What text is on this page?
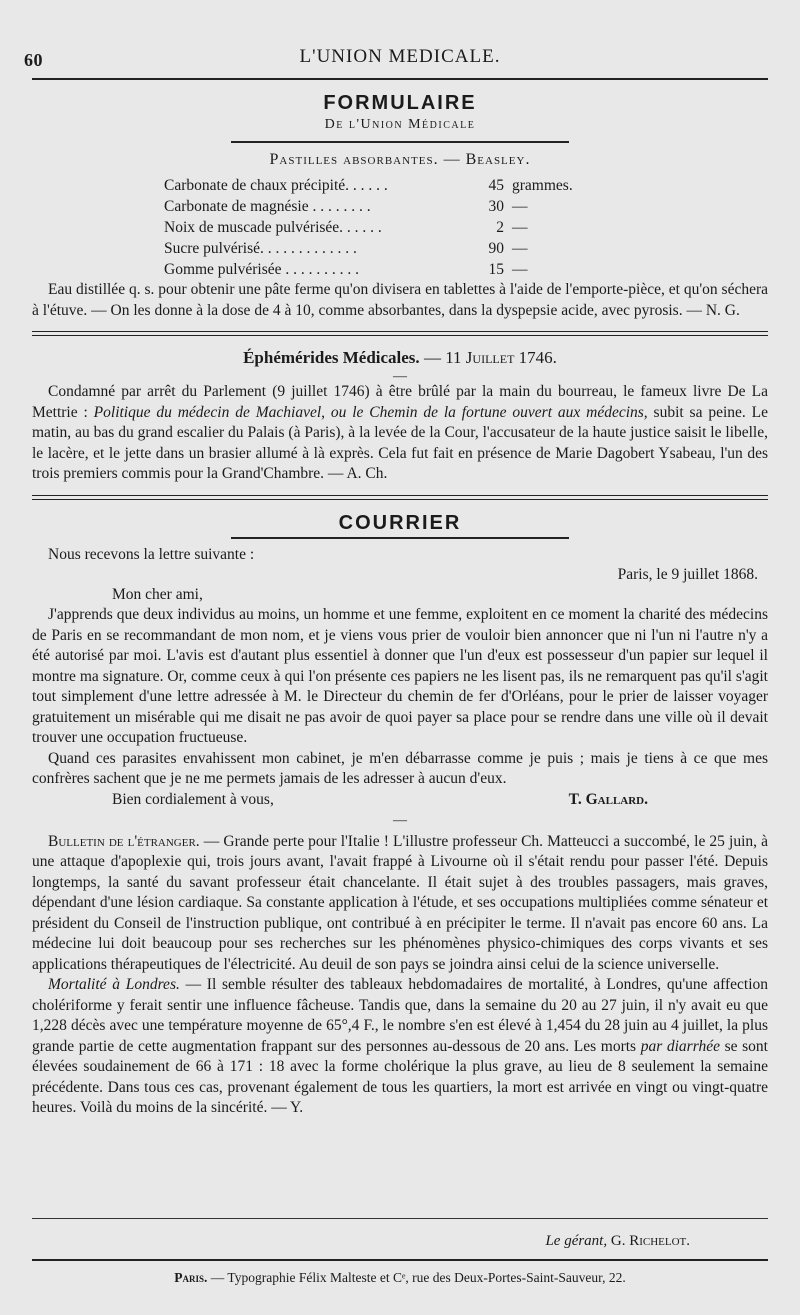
60	L'UNION MEDICALE.
FORMULAIRE
De l'Union Médicale
Pastilles absorbantes. — Beasley.
Carbonate de chaux précipité. . . . . .	45 grammes.
Carbonate de magnésie . . . . . . . .	30 —
Noix de muscade pulvérisée. . . . . .	2 —
Sucre pulvérisé. . . . . . . . . . . . .	90 —
Gomme pulvérisée . . . . . . . . . .	15 —

Eau distillée q. s. pour obtenir une pâte ferme qu'on divisera en tablettes à l'aide de l'emporte-pièce, et qu'on séchera à l'étuve. — On les donne à la dose de 4 à 10, comme absorbantes, dans la dyspepsie acide, avec pyrosis. — N. G.

Éphémérides Médicales. — 11 Juillet 1746.

—

Condamné par arrêt du Parlement (9 juillet 1746) à être brûlé par la main du bourreau, le fameux livre De La Mettrie : Politique du médecin de Machiavel, ou le Chemin de la fortune ouvert aux médecins, subit sa peine. Le matin, au bas du grand escalier du Palais (à Paris), à la levée de la Cour, l'accusateur de la haute justice saisit le libelle, le lacère, et le jette dans un brasier allumé à là exprès. Cela fut fait en présence de Marie Dagobert Ysabeau, l'un des trois premiers commis pour la Grand'Chambre. — A. Ch.

COURRIER

Nous recevons la lettre suivante :

Paris, le 9 juillet 1868.
Mon cher ami,

J'apprends que deux individus au moins, un homme et une femme, exploitent en ce moment la charité des médecins de Paris en se recommandant de mon nom, et je viens vous prier de vouloir bien annoncer que ni l'un ni l'autre n'y a été autorisé par moi. L'avis est d'autant plus essentiel à donner que l'un d'eux est possesseur d'un papier sur lequel il montre ma signature. Or, comme ceux à qui l'on présente ces papiers ne les lisent pas, ils ne remarquent pas qu'il s'agit tout simplement d'une lettre adressée à M. le Directeur du chemin de fer d'Orléans, pour le prier de laisser voyager gratuitement un misérable qui me disait ne pas avoir de quoi payer sa place pour se rendre dans une ville où il devait trouver une occupation fructueuse.

Quand ces parasites envahissent mon cabinet, je m'en débarrasse comme je puis ; mais je tiens à ce que mes confrères sachent que je ne me permets jamais de les adresser à aucun d'eux.

Bien cordialement à vous,	T. Gallard.

—

Bulletin de l'étranger. — Grande perte pour l'Italie ! L'illustre professeur Ch. Matteucci a succombé, le 25 juin, à une attaque d'apoplexie qui, trois jours avant, l'avait frappé à Livourne où il s'était rendu pour passer l'été. Depuis longtemps, la santé du savant professeur était chancelante. Il était sujet à des troubles passagers, mais graves, dépendant d'une lésion cardiaque. Sa constante application à l'étude, et ses occupations multipliées comme sénateur et président du Conseil de l'instruction publique, ont contribué à en précipiter le terme. Il n'avait pas encore 60 ans. La médecine lui doit beaucoup pour ses recherches sur les phénomènes physico-chimiques des corps vivants et ses applications thérapeutiques de l'électricité. Au deuil de son pays se joindra ainsi celui de la science universelle.

Mortalité à Londres. — Il semble résulter des tableaux hebdomadaires de mortalité, à Londres, qu'une affection cholériforme y ferait sentir une influence fâcheuse. Tandis que, dans la semaine du 20 au 27 juin, il n'y avait eu que 1,228 décès avec une température moyenne de 65°,4 F., le nombre s'en est élevé à 1,454 du 28 juin au 4 juillet, la plus grande partie de cette augmentation frappant sur des personnes au-dessous de 20 ans. Les morts par diarrhée se sont élevées soudainement de 66 à 171 : 18 avec la forme cholérique la plus grave, au lieu de 8 seulement la semaine précédente. Dans tous ces cas, provenant également de tous les quartiers, la mort est arrivée en vingt ou vingt-quatre heures. Voilà du moins de la sincérité. — Y.

Le gérant, G. Richelot.
Paris. — Typographie Félix Malteste et Cᵉ, rue des Deux-Portes-Saint-Sauveur, 22.
